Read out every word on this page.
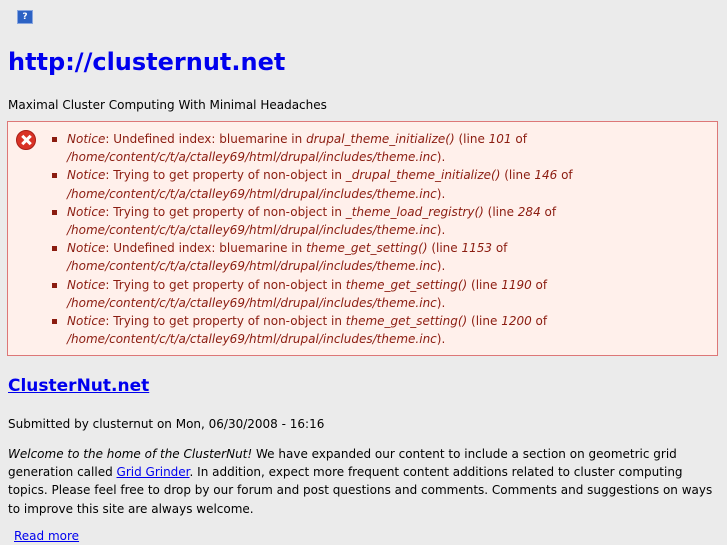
?
http://clusternut.net
Maximal Cluster Computing With Minimal Headaches
Notice: Undefined index: bluemarine in drupal_theme_initialize() (line 101 of
/home/content/c/t/a/ctalley69/html/drupal/includes/theme.inc).
Notice: Trying to get property of non-object in _drupal_theme_initialize() (line 146 of
/home/content/c/t/a/ctalley69/html/drupal/includes/theme.inc).
Notice: Trying to get property of non-object in _theme_load_registry() (line 284 of
/home/content/c/t/a/ctalley69/html/drupal/includes/theme.inc).
Notice: Undefined index: bluemarine in theme_get_setting() (line 1153 of
/home/content/c/t/a/ctalley69/html/drupal/includes/theme.inc).
Notice: Trying to get property of non-object in theme_get_setting() (line 1190 of
/home/content/c/t/a/ctalley69/html/drupal/includes/theme.inc).
Notice: Trying to get property of non-object in theme_get_setting() (line 1200 of
/home/content/c/t/a/ctalley69/html/drupal/includes/theme.inc).
ClusterNut.net
Submitted by clusternut on Mon, 06/30/2008 - 16:16

Welcome to the home of the ClusterNut! We have expanded our content to include a section on geometric grid generation called Grid Grinder. In addition, expect more frequent content additions related to cluster computing topics. Please feel free to drop by our forum and post questions and comments. Comments and suggestions on ways to improve this site are always welcome.

Read more
